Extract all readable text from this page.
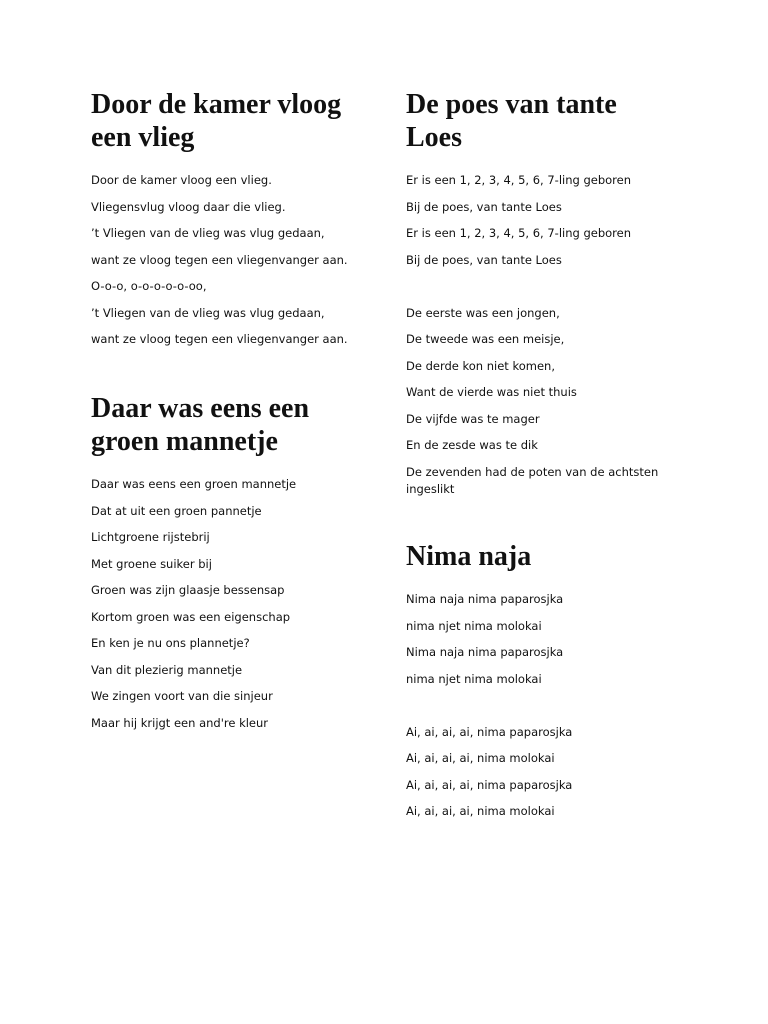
Door de kamer vloog een vlieg
Door de kamer vloog een vlieg.
Vliegensvlug vloog daar die vlieg.
’t Vliegen van de vlieg was vlug gedaan,
want ze vloog tegen een vliegenvanger aan.
O-o-o, o-o-o-o-o-oo,
’t Vliegen van de vlieg was vlug gedaan,
want ze vloog tegen een vliegenvanger aan.
Daar was eens een groen mannetje
Daar was eens een groen mannetje
Dat at uit een groen pannetje
Lichtgroene rijstebrij
Met groene suiker bij
Groen was zijn glaasje bessensap
Kortom groen was een eigenschap
En ken je nu ons plannetje?
Van dit plezierig mannetje
We zingen voort van die sinjeur
Maar hij krijgt een and're kleur
De poes van tante Loes
Er is een 1, 2, 3, 4, 5, 6, 7-ling geboren
Bij de poes, van tante Loes
Er is een 1, 2, 3, 4, 5, 6, 7-ling geboren
Bij de poes, van tante Loes
De eerste was een jongen,
De tweede was een meisje,
De derde kon niet komen,
Want de vierde was niet thuis
De vijfde was te mager
En de zesde was te dik
De zevenden had de poten van de achtsten ingeslikt
Nima naja
Nima naja nima paparosjka
nima njet nima molokai
Nima naja nima paparosjka
nima njet nima molokai
Ai, ai, ai, ai, nima paparosjka
Ai, ai, ai, ai, nima molokai
Ai, ai, ai, ai, nima paparosjka
Ai, ai, ai, ai, nima molokai
